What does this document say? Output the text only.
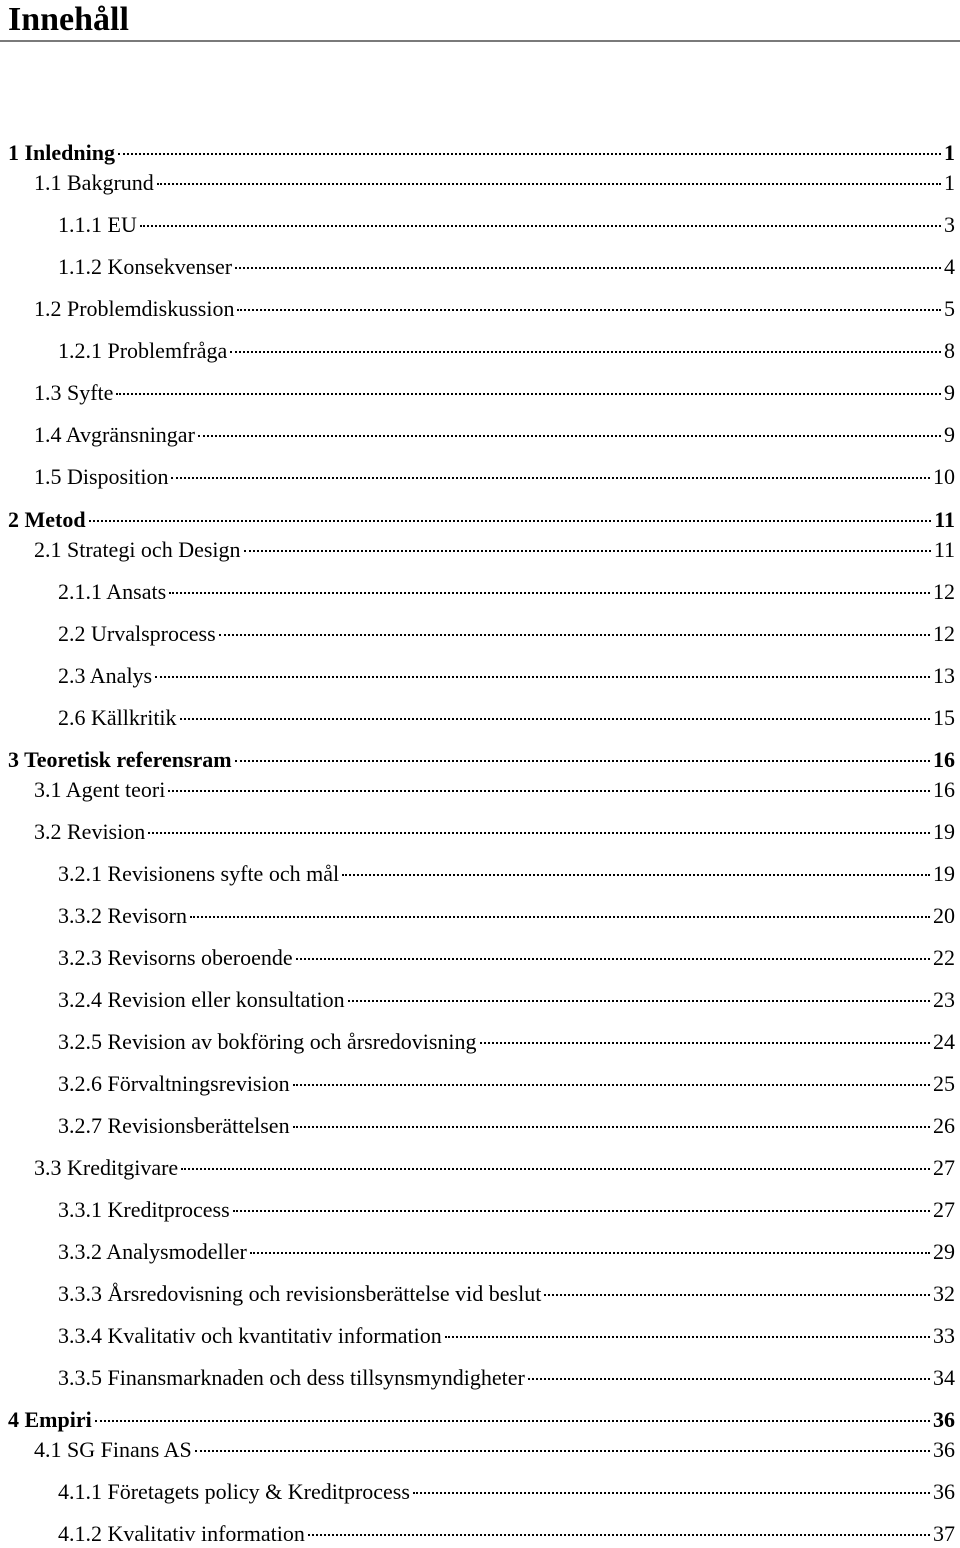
Innehåll
1 Inledning	1
1.1 Bakgrund	1
1.1.1 EU	3
1.1.2 Konsekvenser	4
1.2 Problemdiskussion	5
1.2.1 Problemfråga	8
1.3 Syfte	9
1.4 Avgränsningar	9
1.5 Disposition	10
2 Metod	11
2.1 Strategi och Design	11
2.1.1 Ansats	12
2.2 Urvalsprocess	12
2.3 Analys	13
2.6 Källkritik	15
3 Teoretisk referensram	16
3.1 Agent teori	16
3.2 Revision	19
3.2.1 Revisionens syfte och mål	19
3.3.2 Revisorn	20
3.2.3 Revisorns oberoende	22
3.2.4 Revision eller konsultation	23
3.2.5 Revision av bokföring och årsredovisning	24
3.2.6 Förvaltningsrevision	25
3.2.7 Revisionsberättelsen	26
3.3 Kreditgivare	27
3.3.1 Kreditprocess	27
3.3.2 Analysmodeller	29
3.3.3 Årsredovisning och revisionsberättelse vid beslut	32
3.3.4 Kvalitativ och kvantitativ information	33
3.3.5 Finansmarknaden och dess tillsynsmyndigheter	34
4 Empiri	36
4.1 SG Finans AS	36
4.1.1 Företagets policy & Kreditprocess	36
4.1.2 Kvalitativ information	37
